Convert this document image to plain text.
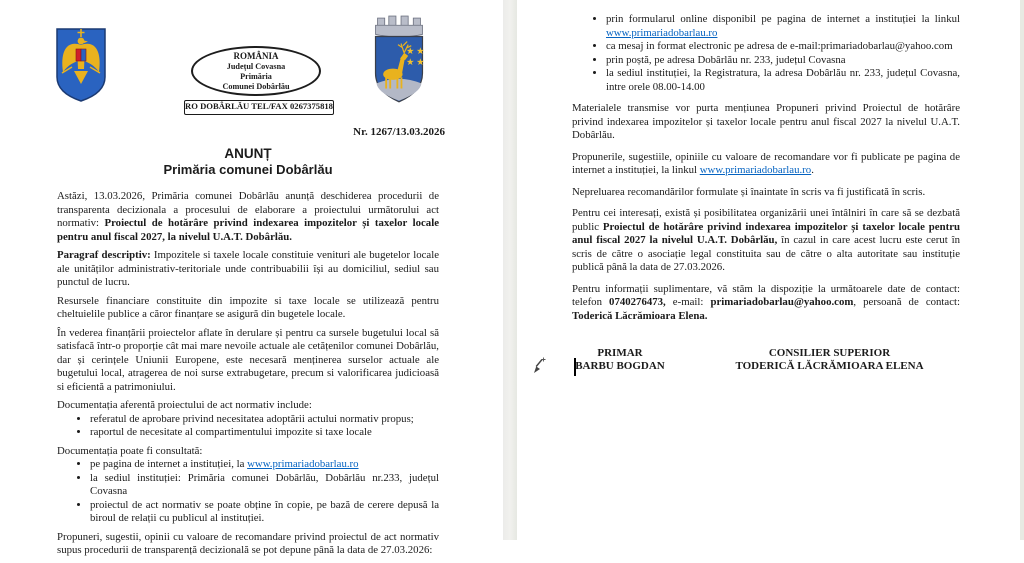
ROMÂNIA
Județul Covasna
Primăria
Comunei Dobârlău
RO DOBÂRLĂU TEL/FAX 0267375818
★ ★
★ ★
Nr. 1267/13.03.2026
ANUNȚ
Primăria comunei Dobârlău

Astăzi, 13.03.2026, Primăria comunei Dobârlău anunță deschiderea procedurii de transparenta decizionala a procesului de elaborare a proiectului următorului act normativ: Proiectul de hotărâre privind indexarea impozitelor și taxelor locale pentru anul fiscal 2027, la nivelul U.A.T. Dobârlău.

Paragraf descriptiv: Impozitele si taxele locale constituie venituri ale bugetelor locale ale unităților administrativ-teritoriale unde contribuabilii își au domiciliul, sediul sau punctul de lucru.

Resursele financiare constituite din impozite si taxe locale se utilizează pentru cheltuielile publice a căror finanțare se asigură din bugetele locale.

În vederea finanțării proiectelor aflate în derulare și pentru ca sursele bugetului local să satisfacă într-o proporție cât mai mare nevoile actuale ale cetățenilor comunei Dobârlău, dar și cerințele Uniunii Europene, este necesară menținerea surselor actuale ale bugetului local, atragerea de noi surse extrabugetare, precum si valorificarea judicioasă si eficientă a patrimoniului.

Documentația aferentă proiectului de act normativ include:

• referatul de aprobare privind necesitatea adoptării actului normativ propus;
• raportul de necesitate al compartimentului impozite si taxe locale

Documentația poate fi consultată:

• pe pagina de internet a instituției, la www.primariadobarlau.ro
• la sediul instituției: Primăria comunei Dobârlău, Dobârlău nr.233, județul Covasna
• proiectul de act normativ se poate obține în copie, pe bază de cerere depusă la biroul de relații cu publicul al instituției.

Propuneri, sugestii, opinii cu valoare de recomandare privind proiectul de act normativ supus procedurii de transparență decizională se pot depune până la data de 27.03.2026:

• prin formularul online disponibil pe pagina de internet a instituției la linkul www.primariadobarlau.ro
• ca mesaj in format electronic pe adresa de e-mail:primariadobarlau@yahoo.com
• prin poștă, pe adresa Dobârlău nr. 233, județul Covasna
• la sediul instituției, la Registratura, la adresa Dobârlău nr. 233, județul Covasna, intre orele 08.00-14.00

Materialele transmise vor purta mențiunea Propuneri privind Proiectul de hotărâre privind indexarea impozitelor și taxelor locale pentru anul fiscal 2027 la nivelul U.A.T. Dobârlău.

Propunerile, sugestiile, opiniile cu valoare de recomandare vor fi publicate pe pagina de internet a instituției, la linkul www.primariadobarlau.ro.

Nepreluarea recomandărilor formulate și înaintate în scris va fi justificată în scris.

Pentru cei interesați, există și posibilitatea organizării unei întâlniri în care să se dezbată public Proiectul de hotărâre privind indexarea impozitelor și taxelor locale pentru anul fiscal 2027 la nivelul U.A.T. Dobârlău, în cazul in care acest lucru este cerut în scris de către o asociație legal constituita sau de către o alta autoritate sau instituție publică până la data de 27.03.2026.

Pentru informații suplimentare, vă stăm la dispoziție la următoarele date de contact: telefon 0740276473, e-mail: primariadobarlau@yahoo.com, persoană de contact: Toderică Lăcrămioara Elena.

PRIMAR
BARBU BOGDAN
CONSILIER SUPERIOR
TODERICĂ LĂCRĂMIOARA ELENA
